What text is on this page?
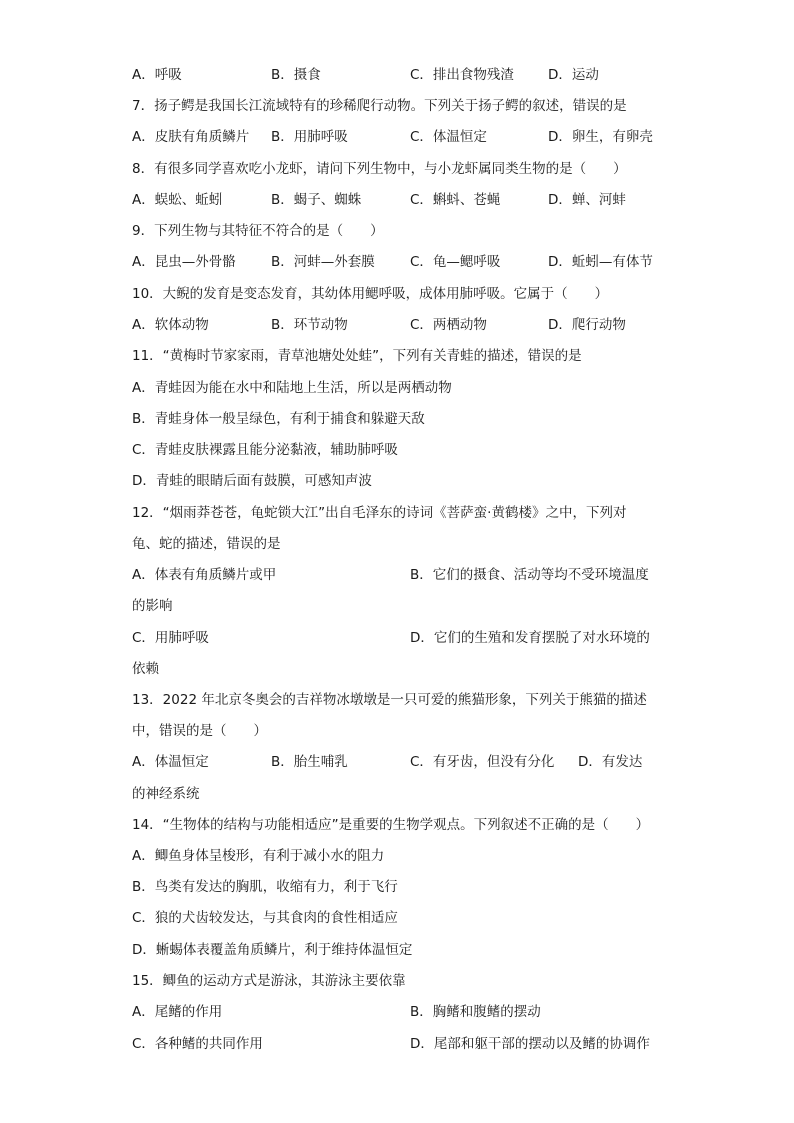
A．呼吸	B．摄食	C．排出食物残渣	D．运动
7．扬子鳄是我国长江流域特有的珍稀爬行动物。下列关于扬子鳄的叙述，错误的是
A．皮肤有角质鳞片 B．用肺呼吸	C．体温恒定	D．卵生，有卵壳
8．有很多同学喜欢吃小龙虾，请问下列生物中，与小龙虾属同类生物的是（　　）
A．蜈蚣、蚯蚓	B．蝎子、蜘蛛	C．蝌蚪、苍蝇	D．蝉、河蚌
9．下列生物与其特征不符合的是（　　）
A．昆虫—外骨骼	B．河蚌—外套膜	C．龟—鳃呼吸	D．蚯蚓—有体节
10．大鲵的发育是变态发育，其幼体用鳃呼吸，成体用肺呼吸。它属于（　　）
A．软体动物	B．环节动物	C．两栖动物	D．爬行动物
11．“黄梅时节家家雨，青草池塘处处蛙”，下列有关青蛙的描述，错误的是
A．青蛙因为能在水中和陆地上生活，所以是两栖动物
B．青蛙身体一般呈绿色，有利于捕食和躲避天敌
C．青蛙皮肤裸露且能分泌黏液，辅助肺呼吸
D．青蛙的眼睛后面有鼓膜，可感知声波
12．“烟雨莽苍苍，龟蛇锁大江”出自毛泽东的诗词《菩萨蛮·黄鹤楼》之中，下列对
龟、蛇的描述，错误的是
A．体表有角质鳞片或甲	B．它们的摄食、活动等均不受环境温度
的影响
C．用肺呼吸	D．它们的生殖和发育摆脱了对水环境的
依赖
13．2022 年北京冬奥会的吉祥物冰墩墩是一只可爱的熊猫形象，下列关于熊猫的描述
中，错误的是（　　）
A．体温恒定	B．胎生哺乳	C．有牙齿，但没有分化 D．有发达
的神经系统
14．“生物体的结构与功能相适应”是重要的生物学观点。下列叙述不正确的是（　　）
A．鲫鱼身体呈梭形，有利于减小水的阻力
B．鸟类有发达的胸肌，收缩有力，利于飞行
C．狼的犬齿较发达，与其食肉的食性相适应
D．蜥蜴体表覆盖角质鳞片，利于维持体温恒定
15．鲫鱼的运动方式是游泳，其游泳主要依靠
A．尾鳍的作用	B．胸鳍和腹鳍的摆动
C．各种鳍的共同作用	D．尾部和躯干部的摆动以及鳍的协调作
